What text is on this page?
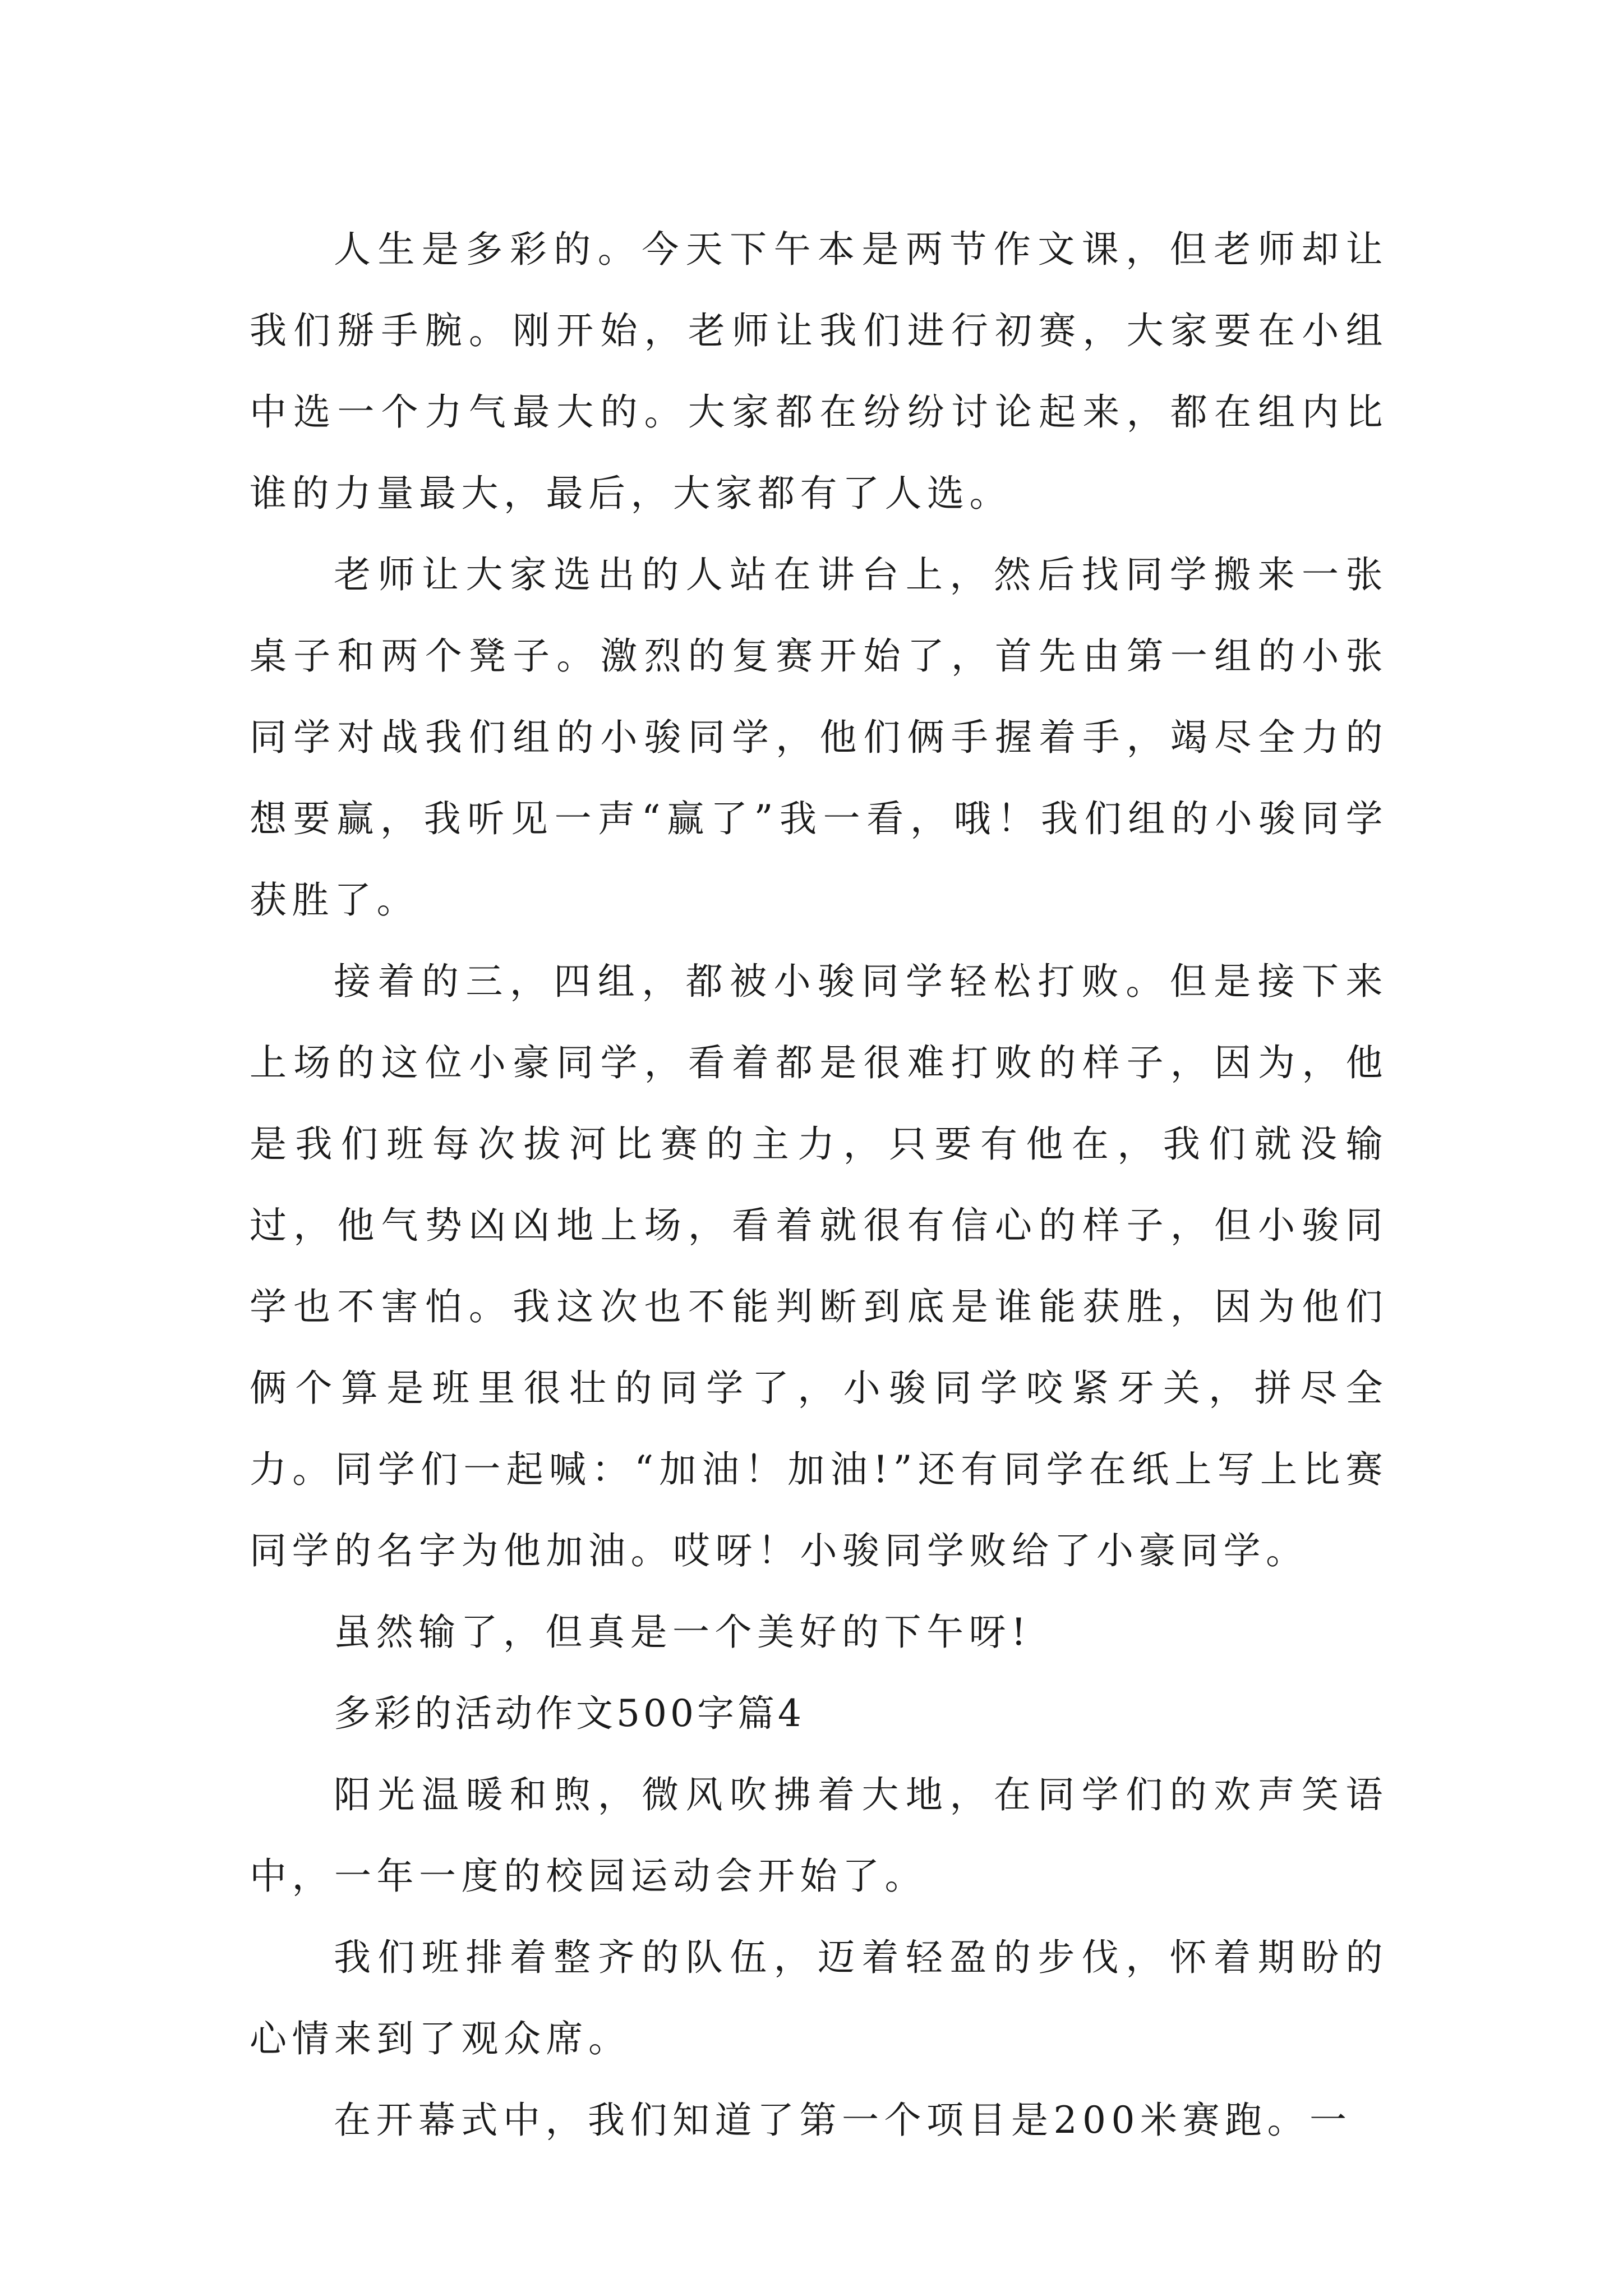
人生是多彩的。今天下午本是两节作文课，但老师却让我们掰手腕。刚开始，老师让我们进行初赛，大家要在小组中选一个力气最大的。大家都在纷纷讨论起来，都在组内比谁的力量最大，最后，大家都有了人选。

老师让大家选出的人站在讲台上，然后找同学搬来一张桌子和两个凳子。激烈的复赛开始了，首先由第一组的小张同学对战我们组的小骏同学，他们俩手握着手，竭尽全力的想要赢，我听见一声“赢了”我一看，哦！我们组的小骏同学获胜了。

接着的三，四组，都被小骏同学轻松打败。但是接下来上场的这位小豪同学，看着都是很难打败的样子，因为，他是我们班每次拔河比赛的主力，只要有他在，我们就没输过，他气势凶凶地上场，看着就很有信心的样子，但小骏同学也不害怕。我这次也不能判断到底是谁能获胜，因为他们俩个算是班里很壮的同学了，小骏同学咬紧牙关，拼尽全力。同学们一起喊：“加油！加油!”还有同学在纸上写上比赛同学的名字为他加油。哎呀！小骏同学败给了小豪同学。

虽然输了，但真是一个美好的下午呀!

多彩的活动作文500字篇4

阳光温暖和煦，微风吹拂着大地，在同学们的欢声笑语中，一年一度的校园运动会开始了。

我们班排着整齐的队伍，迈着轻盈的步伐，怀着期盼的心情来到了观众席。

在开幕式中，我们知道了第一个项目是200米赛跑。一
